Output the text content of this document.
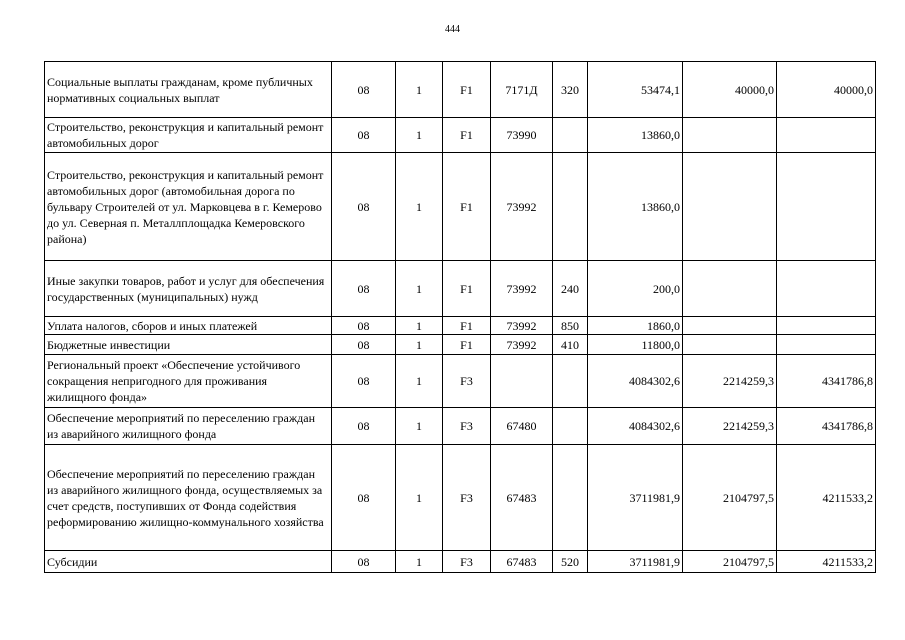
444
Социальные выплаты гражданам, кроме публичных нормативных социальных выплат	08	1	F1	7171Д	320	53474,1	40000,0	40000,0
Строительство, реконструкция и капитальный ремонт автомобильных дорог	08	1	F1	73990		13860,0		
Строительство, реконструкция и капитальный ремонт автомобильных дорог (автомобильная дорога по бульвару Строителей от ул. Марковцева в г. Кемерово до ул. Северная п. Металлплощадка Кемеровского района)	08	1	F1	73992		13860,0		
Иные закупки товаров, работ и услуг для обеспечения государственных (муниципальных) нужд	08	1	F1	73992	240	200,0		
Уплата налогов, сборов и иных платежей	08	1	F1	73992	850	1860,0		
Бюджетные инвестиции	08	1	F1	73992	410	11800,0		
Региональный проект «Обеспечение устойчивого сокращения непригодного для проживания жилищного фонда»	08	1	F3			4084302,6	2214259,3	4341786,8
Обеспечение мероприятий по переселению граждан из аварийного жилищного фонда	08	1	F3	67480		4084302,6	2214259,3	4341786,8
Обеспечение мероприятий по переселению граждан из аварийного жилищного фонда, осуществляемых за счет средств, поступивших от Фонда содействия реформированию жилищно-коммунального хозяйства	08	1	F3	67483		3711981,9	2104797,5	4211533,2
Субсидии	08	1	F3	67483	520	3711981,9	2104797,5	4211533,2
